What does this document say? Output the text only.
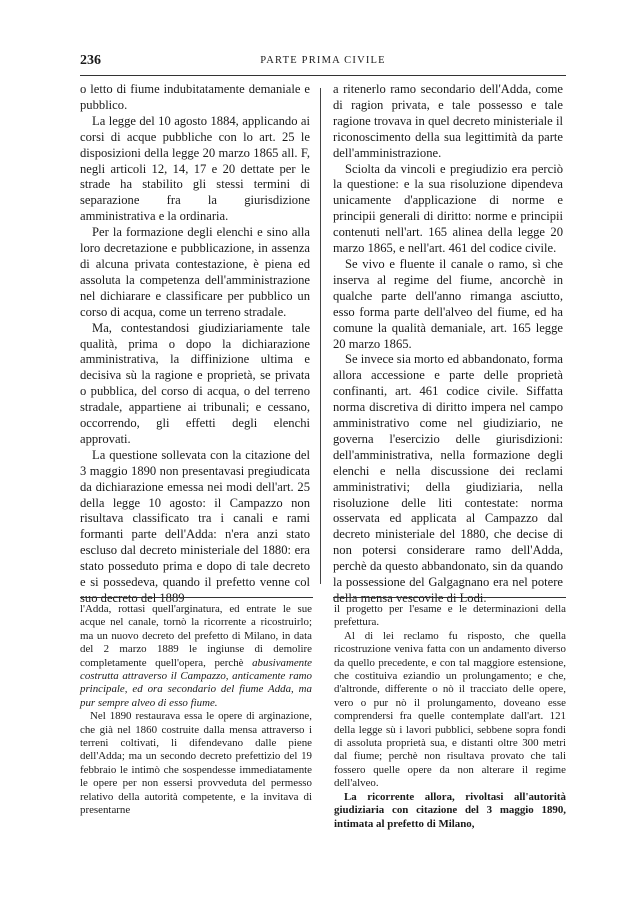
236	PARTE PRIMA CIVILE

o letto di fiume indubitatamente demaniale e pubblico.

La legge del 10 agosto 1884, applicando ai corsi di acque pubbliche con lo art. 25 le disposizioni della legge 20 marzo 1865 all. F, negli articoli 12, 14, 17 e 20 dettate per le strade ha stabilito gli stessi termini di separazione fra la giurisdizione amministrativa e la ordinaria.

Per la formazione degli elenchi e sino alla loro decretazione e pubblicazione, in assenza di alcuna privata contestazione, è piena ed assoluta la competenza dell'amministrazione nel dichiarare e classificare per pubblico un corso di acqua, come un terreno stradale.

Ma, contestandosi giudiziariamente tale qualità, prima o dopo la dichiarazione amministrativa, la diffinizione ultima e decisiva sù la ragione e proprietà, se privata o pubblica, del corso di acqua, o del terreno stradale, appartiene ai tribunali; e cessano, occorrendo, gli effetti degli elenchi approvati.

La questione sollevata con la citazione del 3 maggio 1890 non presentavasi pregiudicata da dichiarazione emessa nei modi dell'art. 25 della legge 10 agosto: il Campazzo non risultava classificato tra i canali e rami formanti parte dell'Adda: n'era anzi stato escluso dal decreto ministeriale del 1880: era stato posseduto prima e dopo di tale decreto e si possedeva, quando il prefetto venne col suo decreto del 1889

a ritenerlo ramo secondario dell'Adda, come di ragion privata, e tale possesso e tale ragione trovava in quel decreto ministeriale il riconoscimento della sua legittimità da parte dell'amministrazione.

Sciolta da vincoli e pregiudizio era perciò la questione: e la sua risoluzione dipendeva unicamente d'applicazione di norme e principii generali di diritto: norme e principii contenuti nell'art. 165 alinea della legge 20 marzo 1865, e nell'art. 461 del codice civile.

Se vivo e fluente il canale o ramo, sì che inserva al regime del fiume, ancorchè in qualche parte dell'anno rimanga asciutto, esso forma parte dell'alveo del fiume, ed ha comune la qualità demaniale, art. 165 legge 20 marzo 1865.

Se invece sia morto ed abbandonato, forma allora accessione e parte delle proprietà confinanti, art. 461 codice civile. Siffatta norma discretiva di diritto impera nel campo amministrativo come nel giudiziario, ne governa l'esercizio delle giurisdizioni: dell'amministrativa, nella formazione degli elenchi e nella discussione dei reclami amministrativi; della giudiziaria, nella risoluzione delle liti contestate: norma osservata ed applicata al Campazzo dal decreto ministeriale del 1880, che decise di non potersi considerare ramo dell'Adda, perchè da questo abbandonato, sin da quando la possessione del Galgagnano era nel potere della mensa vescovile di Lodi.

l'Adda, rottasi quell'arginatura, ed entrate le sue acque nel canale, tornò la ricorrente a ricostruirlo; ma un nuovo decreto del prefetto di Milano, in data del 2 marzo 1889 le ingiunse di demolire completamente quell'opera, perchè abusivamente costrutta attraverso il Campazzo, anticamente ramo principale, ed ora secondario del fiume Adda, ma pur sempre alveo di esso fiume.

Nel 1890 restaurava essa le opere di arginazione, che già nel 1860 costruite dalla mensa attraverso i terreni coltivati, li difendevano dalle piene dell'Adda; ma un secondo decreto prefettizio del 19 febbraio le intimò che sospendesse immediatamente le opere per non essersi provveduta del permesso relativo della autorità competente, e la invitava di presentarne

il progetto per l'esame e le determinazioni della prefettura.

Al di lei reclamo fu risposto, che quella ricostruzione veniva fatta con un andamento diverso da quello precedente, e con tal maggiore estensione, che costituiva eziandio un prolungamento; e che, d'altronde, differente o nò il tracciato delle opere, vero o pur nò il prolungamento, doveano esse comprendersi fra quelle contemplate dall'art. 121 della legge sù i lavori pubblici, sebbene sopra fondi di assoluta proprietà sua, e distanti oltre 300 metri dal fiume; perchè non risultava provato che tali fossero quelle opere da non alterare il regime dell'alveo.

La ricorrente allora, rivoltasi all'autorità giudiziaria con citazione del 3 maggio 1890, intimata al prefetto di Milano,
